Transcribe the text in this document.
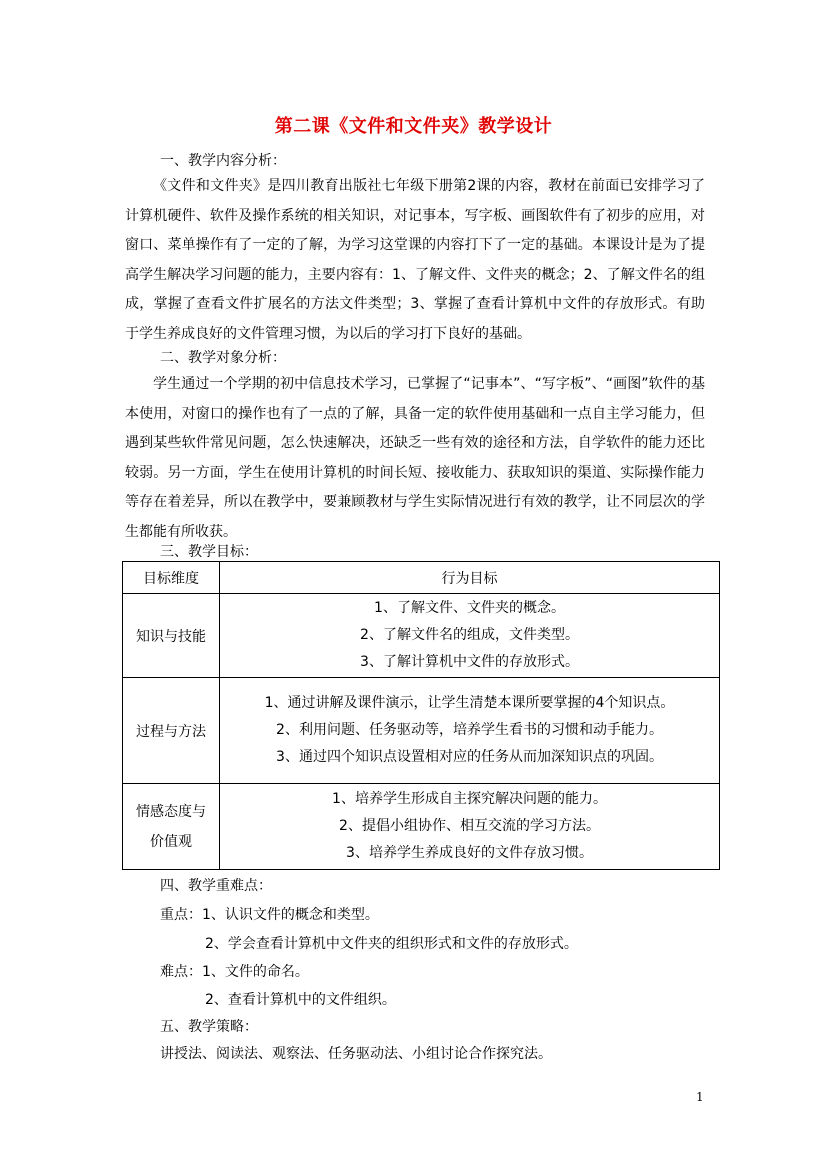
第二课《文件和文件夹》教学设计
一、教学内容分析：
《文件和文件夹》是四川教育出版社七年级下册第2课的内容，教材在前面已安排学习了计算机硬件、软件及操作系统的相关知识，对记事本，写字板、画图软件有了初步的应用，对窗口、菜单操作有了一定的了解，为学习这堂课的内容打下了一定的基础。本课设计是为了提高学生解决学习问题的能力，主要内容有：1、了解文件、文件夹的概念；2、了解文件名的组成，掌握了查看文件扩展名的方法文件类型；3、掌握了查看计算机中文件的存放形式。有助于学生养成良好的文件管理习惯，为以后的学习打下良好的基础。
二、教学对象分析：
学生通过一个学期的初中信息技术学习，已掌握了“记事本”、“写字板”、“画图”软件的基本使用，对窗口的操作也有了一点的了解，具备一定的软件使用基础和一点自主学习能力，但遇到某些软件常见问题，怎么快速解决，还缺乏一些有效的途径和方法，自学软件的能力还比较弱。另一方面，学生在使用计算机的时间长短、接收能力、获取知识的渠道、实际操作能力等存在着差异，所以在教学中，要兼顾教材与学生实际情况进行有效的教学，让不同层次的学生都能有所收获。
三、教学目标：
目标维度	行为目标
知识与技能	1、了解文件、文件夹的概念。
2、了解文件名的组成，文件类型。
3、了解计算机中文件的存放形式。

过程与方法	1、通过讲解及课件演示，让学生清楚本课所要掌握的4个知识点。
2、利用问题、任务驱动等，培养学生看书的习惯和动手能力。
3、通过四个知识点设置相对应的任务从而加深知识点的巩固。

情感态度与
价值观	1、培养学生形成自主探究解决问题的能力。
2、提倡小组协作、相互交流的学习方法。
3、培养学生养成良好的文件存放习惯。
四、教学重难点：
重点：1、认识文件的概念和类型。
2、学会查看计算机中文件夹的组织形式和文件的存放形式。
难点：1、文件的命名。
2、查看计算机中的文件组织。
五、教学策略：
讲授法、阅读法、观察法、任务驱动法、小组讨论合作探究法。
1
